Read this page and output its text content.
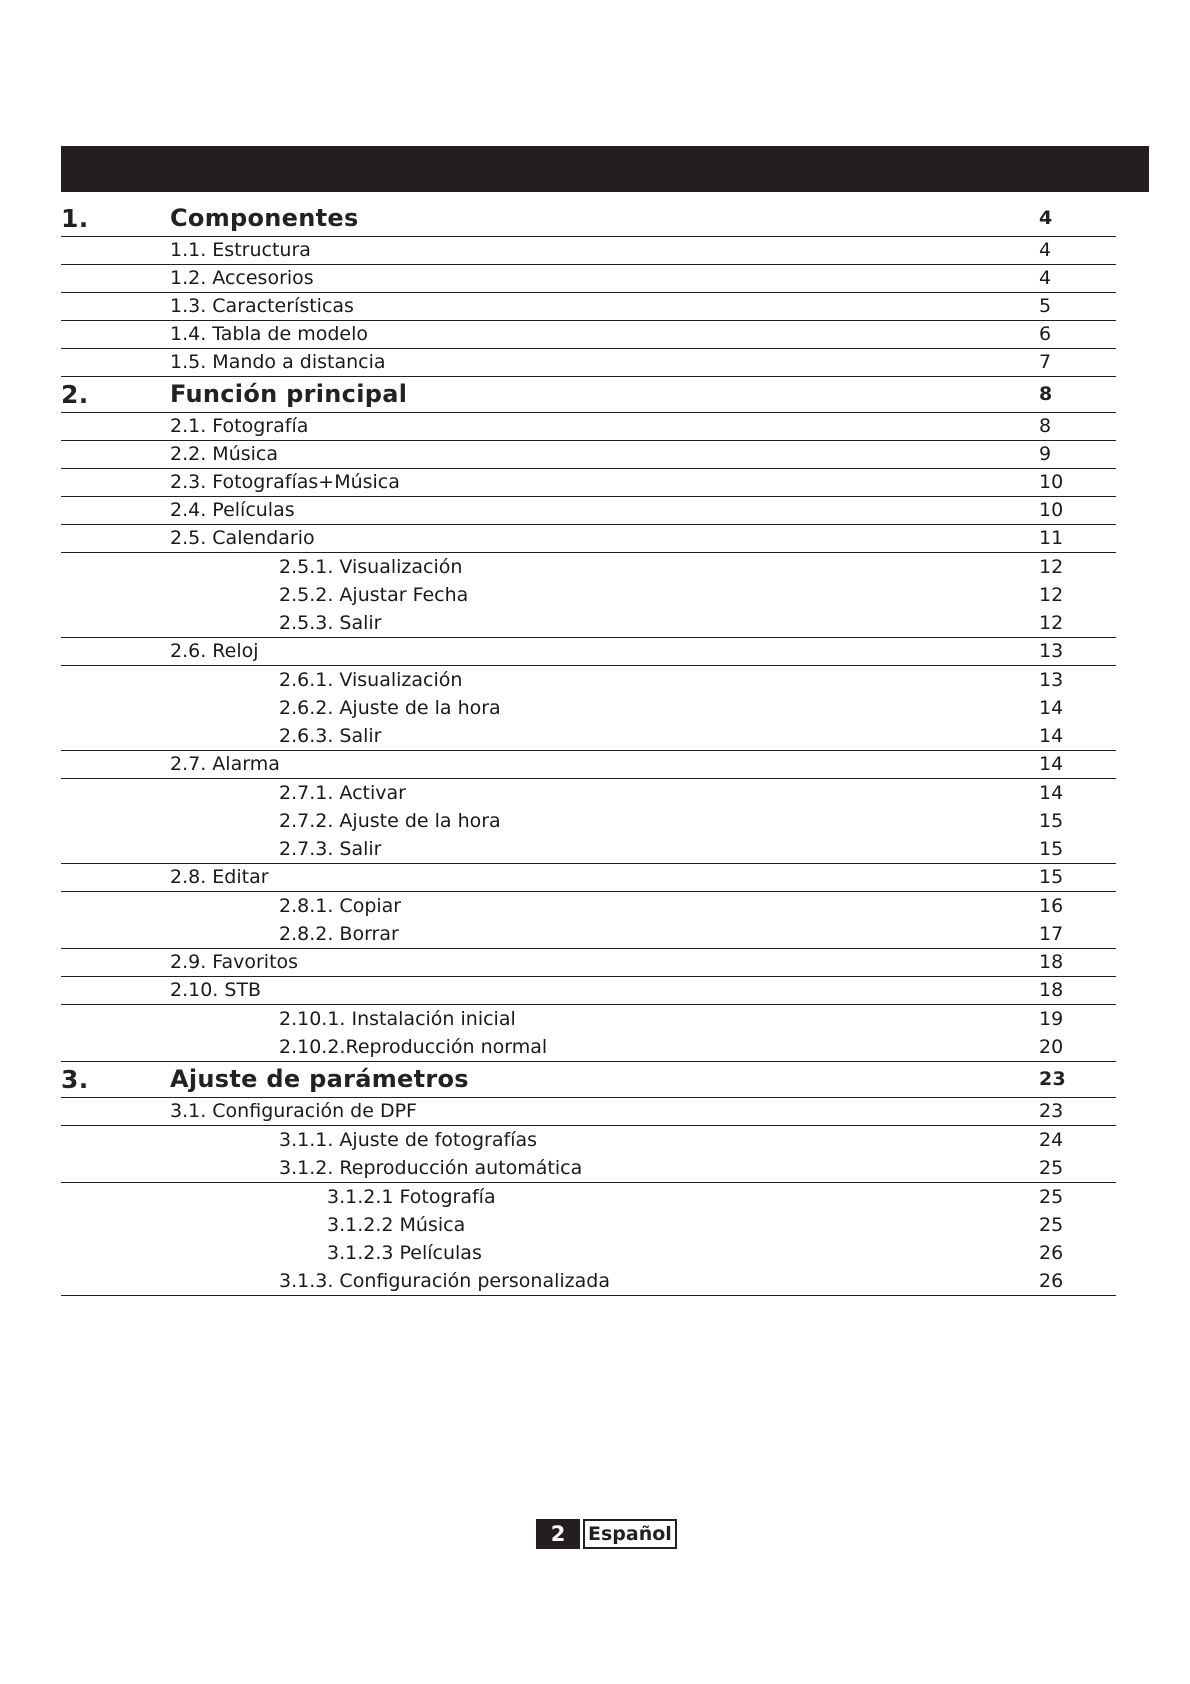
1.	Componentes	4
1.1. Estructura	4
1.2. Accesorios	4
1.3. Características	5
1.4. Tabla de modelo	6
1.5. Mando a distancia	7
2.	Función principal	8
2.1. Fotografía	8
2.2. Música	9
2.3. Fotografías+Música	10
2.4. Películas	10
2.5. Calendario	11
2.5.1. Visualización	12
2.5.2. Ajustar Fecha	12
2.5.3. Salir	12
2.6. Reloj	13
2.6.1. Visualización	13
2.6.2. Ajuste de la hora	14
2.6.3. Salir	14
2.7. Alarma	14
2.7.1. Activar	14
2.7.2. Ajuste de la hora	15
2.7.3. Salir	15
2.8. Editar	15
2.8.1. Copiar	16
2.8.2. Borrar	17
2.9. Favoritos	18
2.10. STB	18
2.10.1. Instalación inicial	19
2.10.2.Reproducción normal	20
3.	Ajuste de parámetros	23
3.1. Configuración de DPF	23
3.1.1. Ajuste de fotografías	24
3.1.2. Reproducción automática	25
3.1.2.1 Fotografía	25
3.1.2.2 Música	25
3.1.2.3 Películas	26
3.1.3. Configuración personalizada	26
2	Español
